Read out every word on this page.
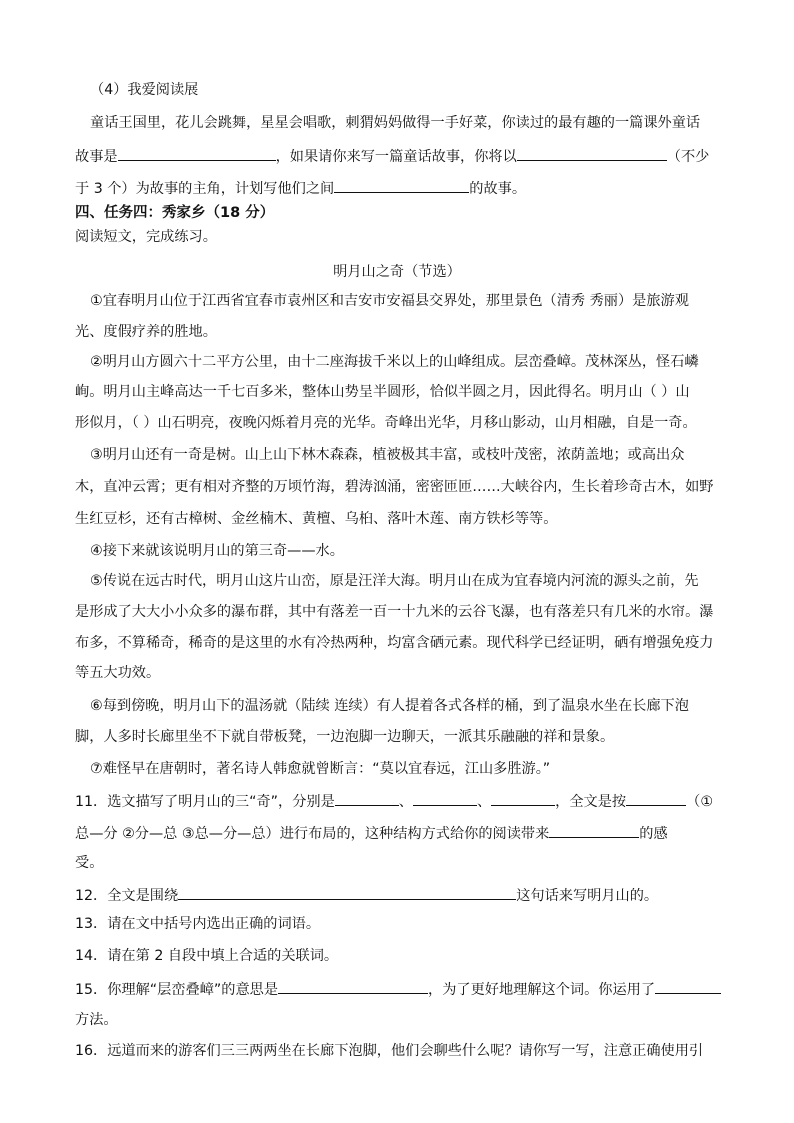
（4）我爱阅读展
童话王国里，花儿会跳舞，星星会唱歌，刺猬妈妈做得一手好菜，你读过的最有趣的一篇课外童话
故事是	，如果请你来写一篇童话故事，你将以	（不少
于 3 个）为故事的主角，计划写他们之间	的故事。
四、任务四：秀家乡（18 分）
阅读短文，完成练习。
明月山之奇（节选）
①宜春明月山位于江西省宜春市袁州区和吉安市安福县交界处，那里景色（清秀 秀丽）是旅游观
光、度假疗养的胜地。
②明月山方圆六十二平方公里，由十二座海拔千米以上的山峰组成。层峦叠嶂。茂林深丛，怪石嶙
峋。明月山主峰高达一千七百多米，整体山势呈半圆形，恰似半圆之月，因此得名。明月山（ ）山
形似月，（ ）山石明亮，夜晚闪烁着月亮的光华。奇峰出光华，月移山影动，山月相融，自是一奇。
③明月山还有一奇是树。山上山下林木森森，植被极其丰富，或枝叶茂密，浓荫盖地；或高出众
木，直冲云霄；更有相对齐整的万顷竹海，碧涛汹涌，密密匝匝……大峡谷内，生长着珍奇古木，如野
生红豆杉，还有古樟树、金丝楠木、黄檀、乌桕、落叶木莲、南方铁杉等等。
④接下来就该说明月山的第三奇——水。
⑤传说在远古时代，明月山这片山峦，原是汪洋大海。明月山在成为宜春境内河流的源头之前，先
是形成了大大小小众多的瀑布群，其中有落差一百一十九米的云谷飞瀑，也有落差只有几米的水帘。瀑
布多，不算稀奇，稀奇的是这里的水有冷热两种，均富含硒元素。现代科学已经证明，硒有增强免疫力
等五大功效。
⑥每到傍晚，明月山下的温汤就（陆续 连续）有人提着各式各样的桶，到了温泉水坐在长廊下泡
脚，人多时长廊里坐不下就自带板凳，一边泡脚一边聊天，一派其乐融融的祥和景象。
⑦难怪早在唐朝时，著名诗人韩愈就曾断言：“莫以宜春远，江山多胜游。”
11．选文描写了明月山的三“奇”，分别是	、	、	，全文是按	（①
总—分 ②分—总 ③总—分—总）进行布局的，这种结构方式给你的阅读带来	的感
受。
12．全文是围绕	这句话来写明月山的。
13．请在文中括号内选出正确的词语。
14．请在第 2 自段中填上合适的关联词。
15．你理解“层峦叠嶂”的意思是	，为了更好地理解这个词。你运用了
方法。
16．远道而来的游客们三三两两坐在长廊下泡脚，他们会聊些什么呢？请你写一写，注意正确使用引
